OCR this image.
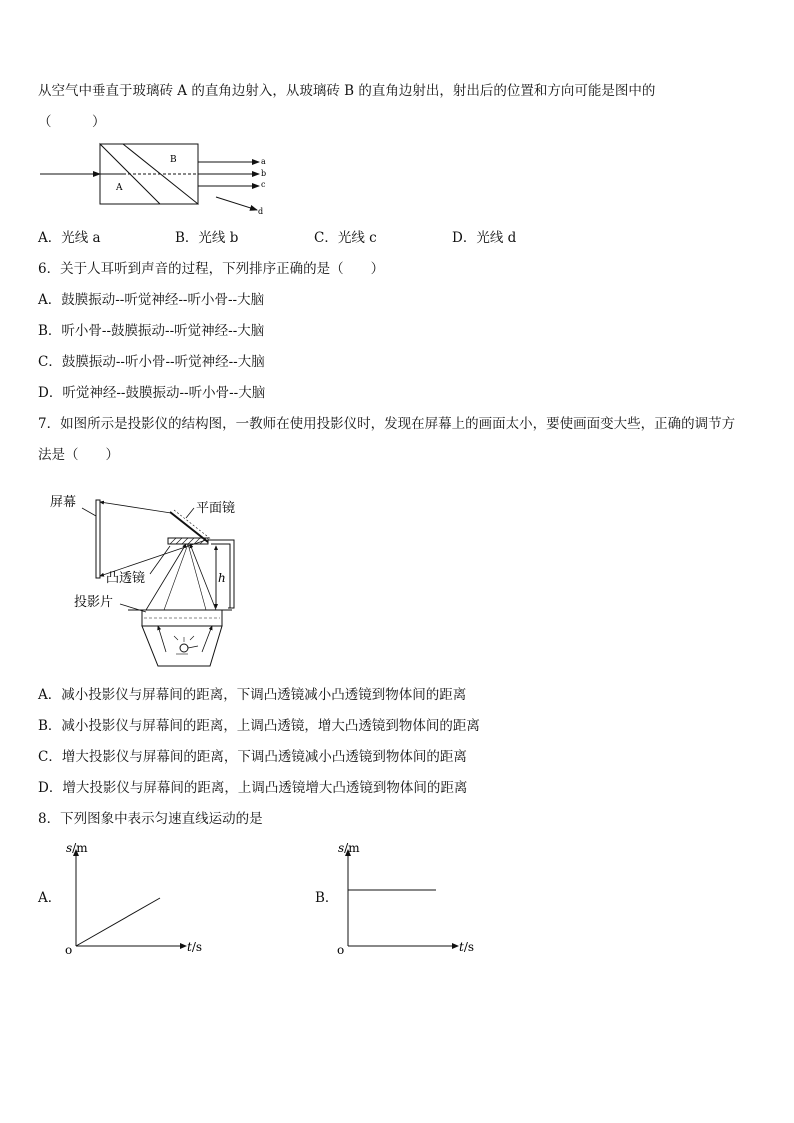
从空气中垂直于玻璃砖 A 的直角边射入，从玻璃砖 B 的直角边射出，射出后的位置和方向可能是图中的
（　　　）
A
B	a
b
c
d
A．光线 a	B．光线 b	C．光线 c	D．光线 d
6．关于人耳听到声音的过程，下列排序正确的是（　　）
A．鼓膜振动--听觉神经--听小骨--大脑
B．听小骨--鼓膜振动--听觉神经--大脑
C．鼓膜振动--听小骨--听觉神经--大脑
D．听觉神经--鼓膜振动--听小骨--大脑
7．如图所示是投影仪的结构图，一教师在使用投影仪时，发现在屏幕上的画面太小，要使画面变大些，正确的调节方
法是（　　）
屏幕	平面镜
凸透镜	h
投影片
A．减小投影仪与屏幕间的距离，下调凸透镜减小凸透镜到物体间的距离
B．减小投影仪与屏幕间的距离，上调凸透镜，增大凸透镜到物体间的距离
C．增大投影仪与屏幕间的距离，下调凸透镜减小凸透镜到物体间的距离
D．增大投影仪与屏幕间的距离，上调凸透镜增大凸透镜到物体间的距离
8．下列图象中表示匀速直线运动的是
A．
s/m
t/s
o
B．
s/m
t/s
o
